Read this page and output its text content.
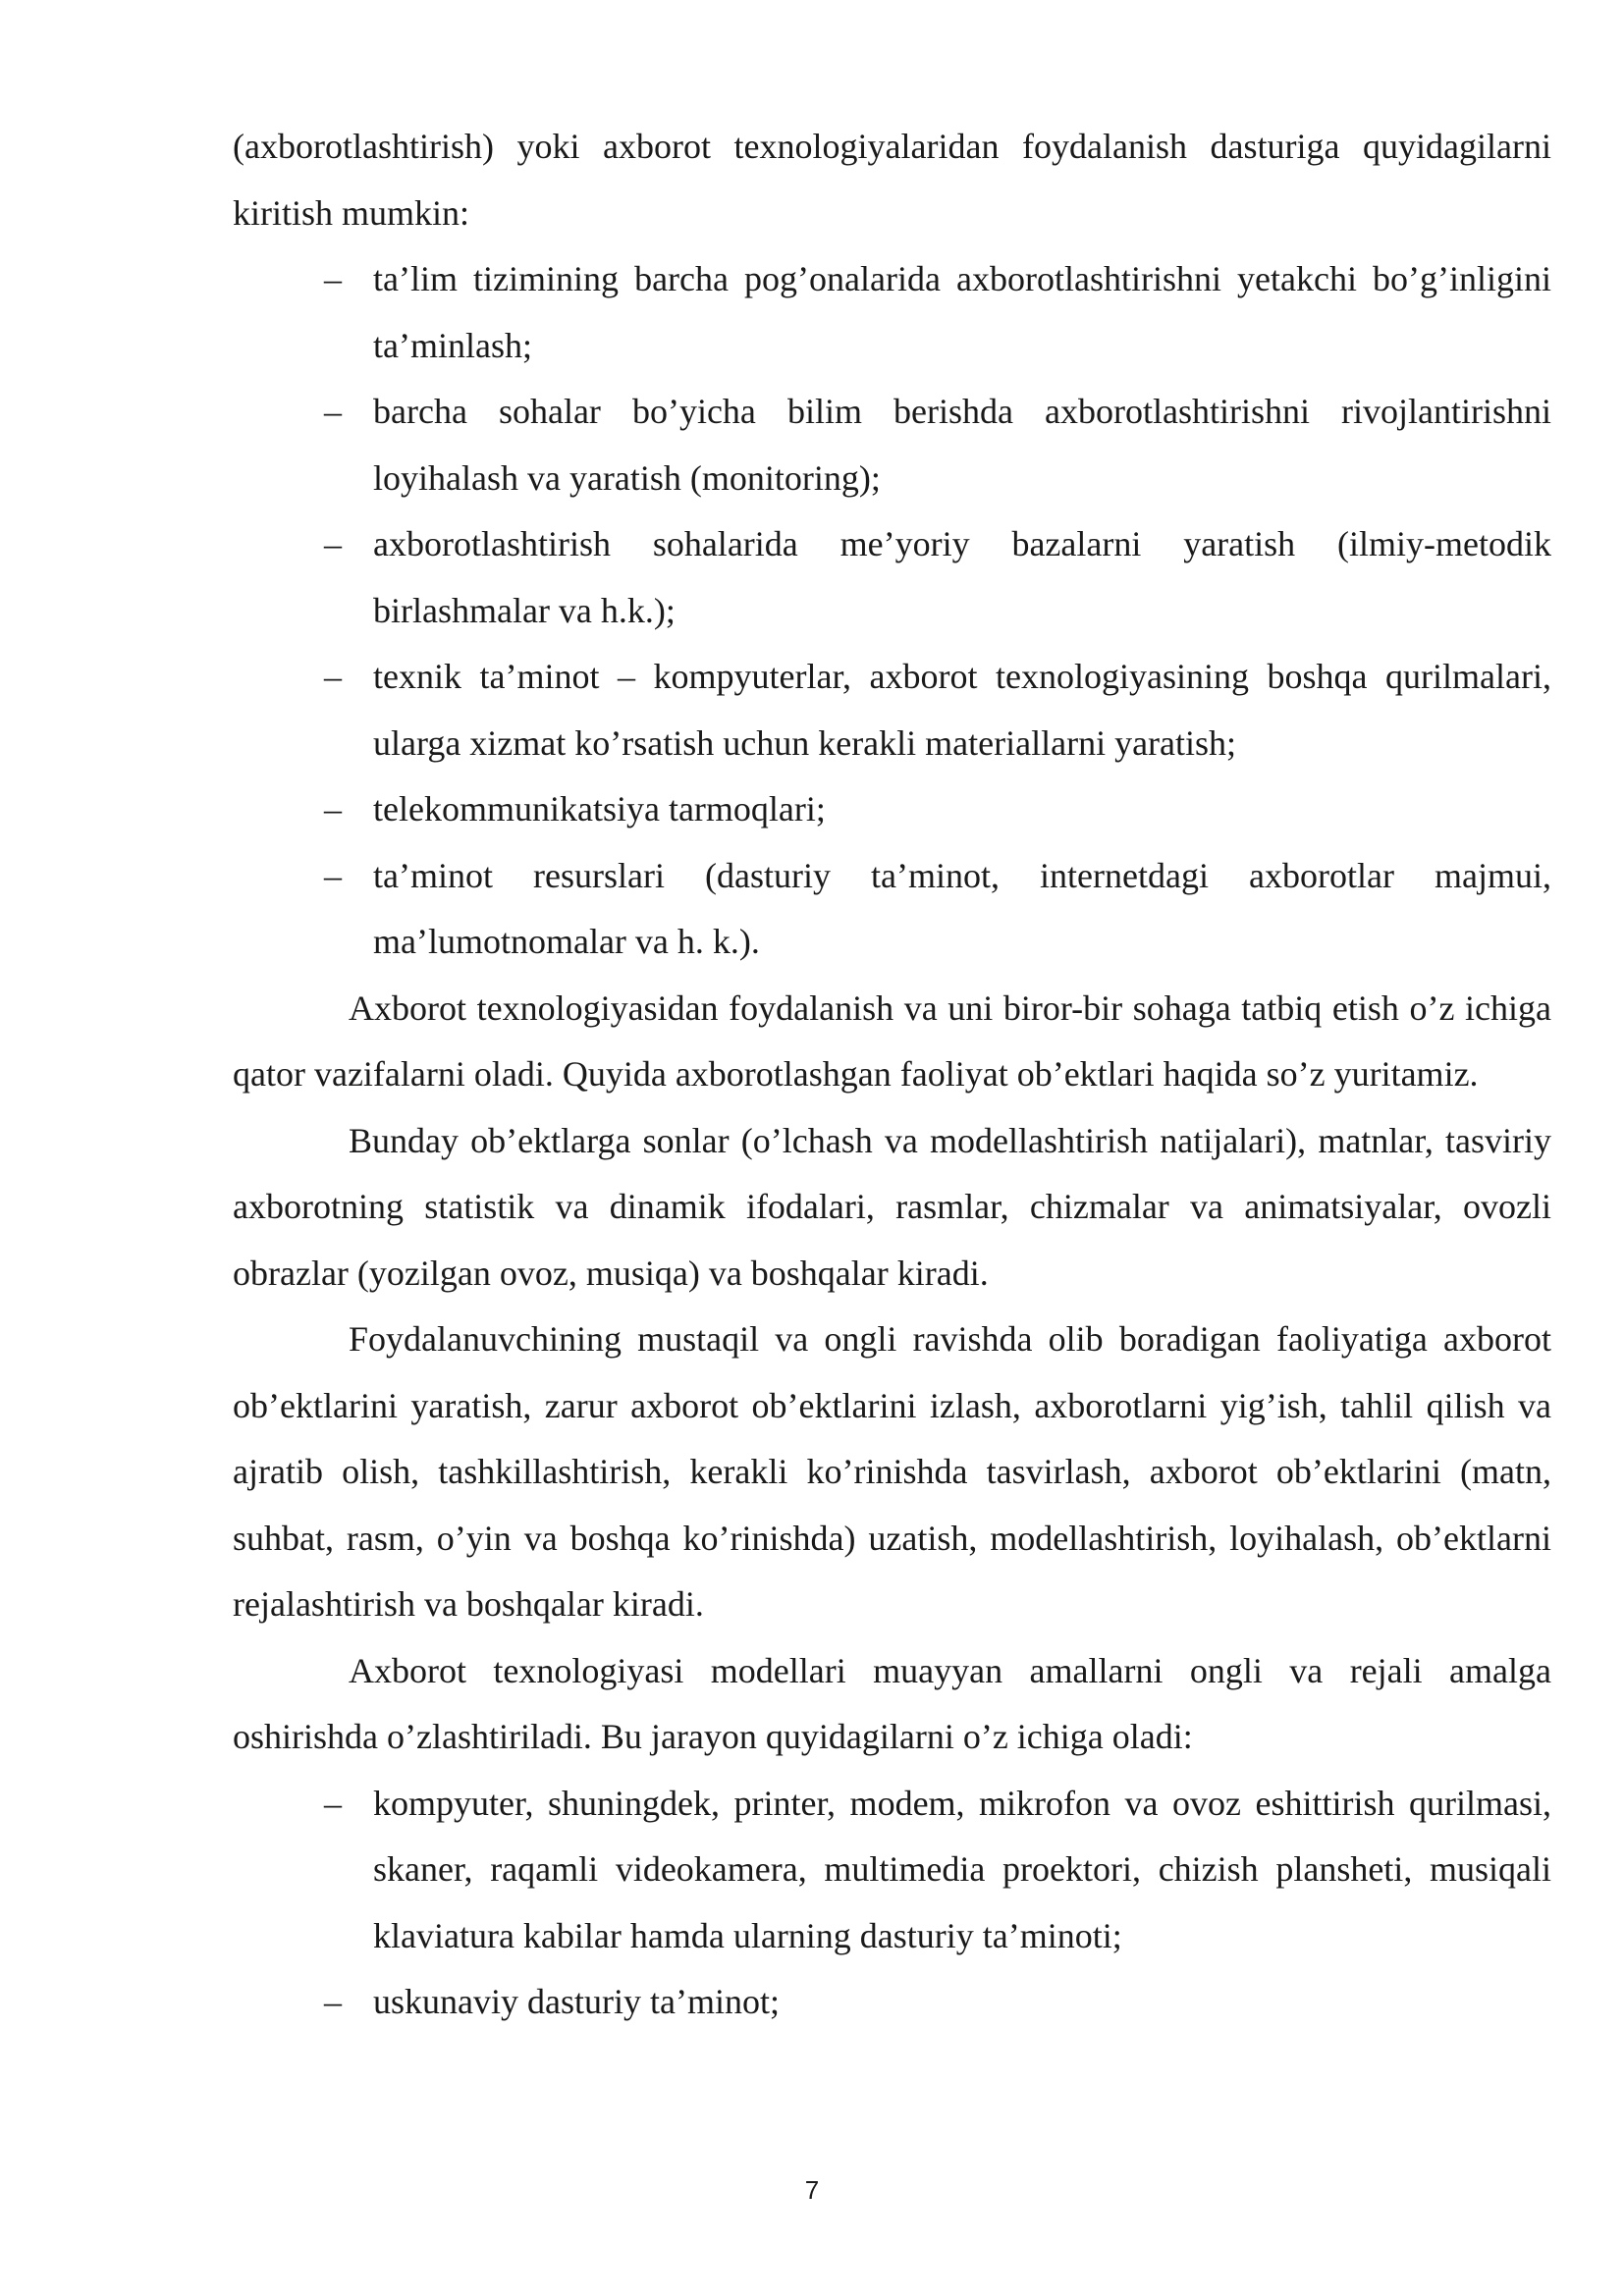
(axborotlashtirish) yoki axborot texnologiyalaridan foydalanish dasturiga quyidagilarni kiritish mumkin:

– ta’lim tizimining barcha pog’onalarida axborotlashtirishni yetakchi bo’g’inligini ta’minlash;
– barcha sohalar bo’yicha bilim berishda axborotlashtirishni rivojlantirishni loyihalash va yaratish (monitoring);
– axborotlashtirish sohalarida me’yoriy bazalarni yaratish (ilmiy-metodik birlashmalar va h.k.);
– texnik ta’minot – kompyuterlar, axborot texnologiyasining boshqa qurilmalari, ularga xizmat ko’rsatish uchun kerakli materiallarni yaratish;
– telekommunikatsiya tarmoqlari;
– ta’minot resurslari (dasturiy ta’minot, internetdagi axborotlar majmui, ma’lumotnomalar va h. k.).

Axborot texnologiyasidan foydalanish va uni biror-bir sohaga tatbiq etish o’z ichiga qator vazifalarni oladi. Quyida axborotlashgan faoliyat ob’ektlari haqida so’z yuritamiz.

Bunday ob’ektlarga sonlar (o’lchash va modellashtirish natijalari), matnlar, tasviriy axborotning statistik va dinamik ifodalari, rasmlar, chizmalar va animatsiyalar, ovozli obrazlar (yozilgan ovoz, musiqa) va boshqalar kiradi.

Foydalanuvchining mustaqil va ongli ravishda olib boradigan faoliyatiga axborot ob’ektlarini yaratish, zarur axborot ob’ektlarini izlash, axborotlarni yig’ish, tahlil qilish va ajratib olish, tashkillashtirish, kerakli ko’rinishda tasvirlash, axborot ob’ektlarini (matn, suhbat, rasm, o’yin va boshqa ko’rinishda) uzatish, modellashtirish, loyihalash, ob’ektlarni rejalashtirish va boshqalar kiradi.

Axborot texnologiyasi modellari muayyan amallarni ongli va rejali amalga oshirishda o’zlashtiriladi. Bu jarayon quyidagilarni o’z ichiga oladi:

– kompyuter, shuningdek, printer, modem, mikrofon va ovoz eshittirish qurilmasi, skaner, raqamli videokamera, multimedia proektori, chizish plansheti, musiqali klaviatura kabilar hamda ularning dasturiy ta’minoti;
– uskunaviy dasturiy ta’minot;
7
